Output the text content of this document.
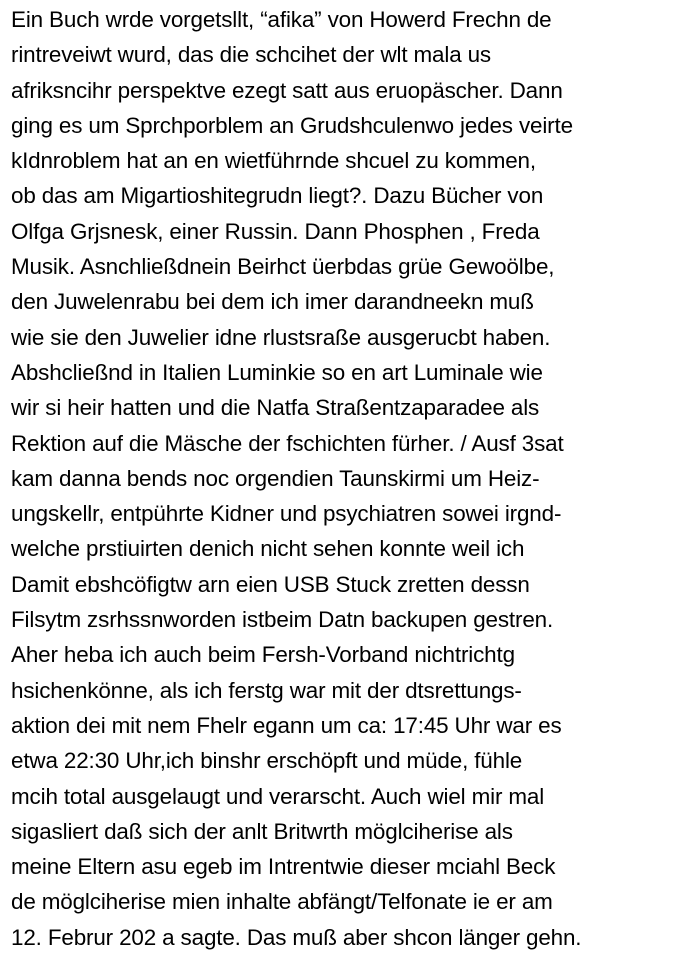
Ein Buch wrde vorgetsllt, “afika” von Howerd Frechn de
rintreveiwt wurd, das die schcihet der wlt mala us
afriksncihr perspektve ezegt satt aus eruopäscher. Dann
ging es um Sprchporblem an Grudshculenwo jedes veirte
kIdnroblem hat an en wietführnde shcuel zu kommen,
ob das am Migartioshitegrudn liegt?. Dazu Bücher von
Olfga Grjsnesk, einer Russin. Dann Phosphen , Freda
Musik. Asnchließdnein Beirhct üerbdas grüe Gewoölbe,
den Juwelenrabu bei dem ich imer darandneekn muß
wie sie den Juwelier idne rlustsraße ausgerucbt haben.
Abshcließnd in Italien Luminkie so en art Luminale wie
wir si heir hatten und die Natfa Straßentzaparadee als
Rektion auf die Mäsche der fschichten fürher. / Ausf 3sat
kam danna bends noc orgendien Taunskirmi um Heiz-
ungskellr, entpührte Kidner und psychiatren sowei irgnd-
welche prstiuirten denich nicht sehen konnte weil ich
Damit ebshcöfigtw arn eien USB Stuck zretten dessn
Filsytm zsrhssnworden istbeim Datn backupen gestren.
Aher heba ich auch beim Fersh-Vorband nichtrichtg
hsichenkönne, als ich ferstg war mit der dtsrettungs-
aktion dei mit nem Fhelr egann um ca: 17:45 Uhr war es
etwa 22:30 Uhr,ich binshr erschöpft und müde, fühle
mcih total ausgelaugt und verarscht. Auch wiel mir mal
sigasliert daß sich der anlt Britwrth möglciherise als
meine Eltern asu egeb im Intrentwie dieser mciahl Beck
de möglciherise mien inhalte abfängt/Telfonate ie er am
12. Februr 202 a sagte. Das muß aber shcon länger gehn.
